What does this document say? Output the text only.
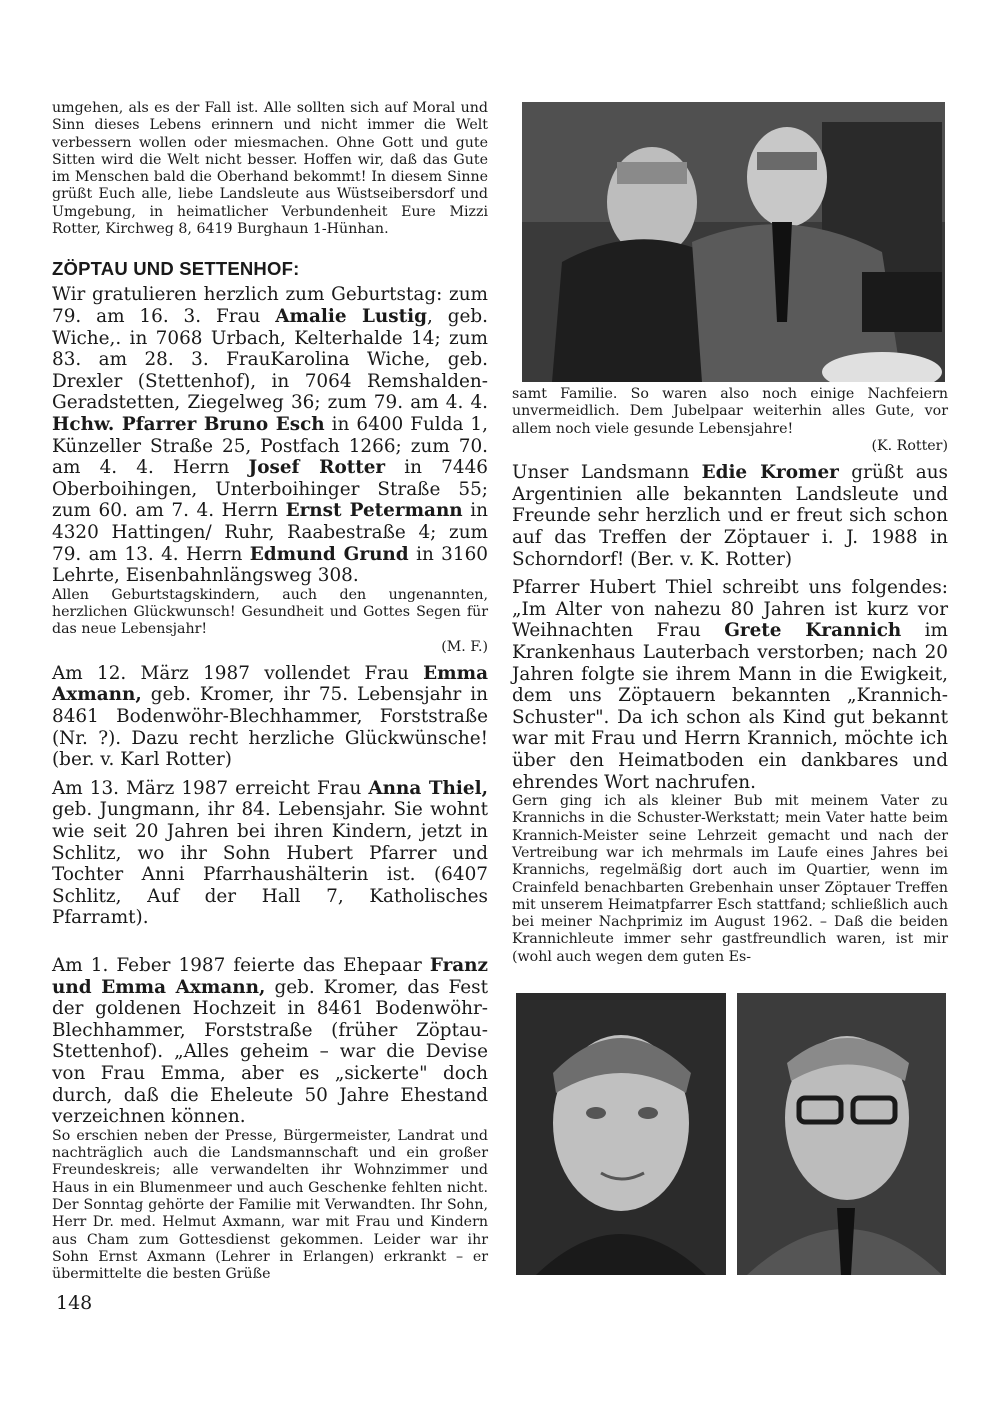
umgehen, als es der Fall ist. Alle sollten sich auf Moral und Sinn dieses Lebens erinnern und nicht immer die Welt verbessern wollen oder miesmachen. Ohne Gott und gute Sitten wird die Welt nicht besser. Hoffen wir, daß das Gute im Menschen bald die Oberhand bekommt! In diesem Sinne grüßt Euch alle, liebe Landsleute aus Wüstseibersdorf und Umgebung, in heimatlicher Verbundenheit Eure Mizzi Rotter, Kirchweg 8, 6419 Burghaun 1-Hünhan.

ZÖPTAU UND SETTENHOF:

Wir gratulieren herzlich zum Geburtstag: zum 79. am 16. 3. Frau Amalie Lustig, geb. Wiche,. in 7068 Urbach, Kelterhalde 14; zum 83. am 28. 3. FrauKarolina Wiche, geb. Drexler (Stettenhof), in 7064 Remshalden-Geradstetten, Ziegelweg 36; zum 79. am 4. 4. Hchw. Pfarrer Bruno Esch in 6400 Fulda 1, Künzeller Straße 25, Postfach 1266; zum 70. am 4. 4. Herrn Josef Rotter in 7446 Oberboihingen, Unterboihinger Straße 55; zum 60. am 7. 4. Herrn Ernst Petermann in 4320 Hattingen/ Ruhr, Raabestraße 4; zum 79. am 13. 4. Herrn Edmund Grund in 3160 Lehrte, Eisenbahnlängsweg 308.

Allen Geburtstagskindern, auch den ungenannten, herzlichen Glückwunsch! Gesundheit und Gottes Segen für das neue Lebensjahr!

(M. F.)

Am 12. März 1987 vollendet Frau Emma Axmann, geb. Kromer, ihr 75. Lebensjahr in 8461 Bodenwöhr-Blechhammer, Forststraße (Nr. ?). Dazu recht herzliche Glückwünsche! (ber. v. Karl Rotter)

Am 13. März 1987 erreicht Frau Anna Thiel, geb. Jungmann, ihr 84. Lebensjahr. Sie wohnt wie seit 20 Jahren bei ihren Kindern, jetzt in Schlitz, wo ihr Sohn Hubert Pfarrer und Tochter Anni Pfarrhaushälterin ist. (6407 Schlitz, Auf der Hall 7, Katholisches Pfarramt).

Am 1. Feber 1987 feierte das Ehepaar Franz und Emma Axmann, geb. Kromer, das Fest der goldenen Hochzeit in 8461 Bodenwöhr-Blechhammer, Forststraße (früher Zöptau-Stettenhof). „Alles geheim – war die Devise von Frau Emma, aber es „sickerte" doch durch, daß die Eheleute 50 Jahre Ehestand verzeichnen können.

So erschien neben der Presse, Bürgermeister, Landrat und nachträglich auch die Landsmannschaft und ein großer Freundeskreis; alle verwandelten ihr Wohnzimmer und Haus in ein Blumenmeer und auch Geschenke fehlten nicht. Der Sonntag gehörte der Familie mit Verwandten. Ihr Sohn, Herr Dr. med. Helmut Axmann, war mit Frau und Kindern aus Cham zum Gottesdienst gekommen. Leider war ihr Sohn Ernst Axmann (Lehrer in Erlangen) erkrankt – er übermittelte die besten Grüße

samt Familie. So waren also noch einige Nachfeiern unvermeidlich. Dem Jubelpaar weiterhin alles Gute, vor allem noch viele gesunde Lebensjahre!

(K. Rotter)

Unser Landsmann Edie Kromer grüßt aus Argentinien alle bekannten Landsleute und Freunde sehr herzlich und er freut sich schon auf das Treffen der Zöptauer i. J. 1988 in Schorndorf! (Ber. v. K. Rotter)

Pfarrer Hubert Thiel schreibt uns folgendes: „Im Alter von nahezu 80 Jahren ist kurz vor Weihnachten Frau Grete Krannich im Krankenhaus Lauterbach verstorben; nach 20 Jahren folgte sie ihrem Mann in die Ewigkeit, dem uns Zöptauern bekannten „Krannich-Schuster". Da ich schon als Kind gut bekannt war mit Frau und Herrn Krannich, möchte ich über den Heimatboden ein dankbares und ehrendes Wort nachrufen.

Gern ging ich als kleiner Bub mit meinem Vater zu Krannichs in die Schuster-Werkstatt; mein Vater hatte beim Krannich-Meister seine Lehrzeit gemacht und nach der Vertreibung war ich mehrmals im Laufe eines Jahres bei Krannichs, regelmäßig dort auch im Quartier, wenn im Crainfeld benachbarten Grebenhain unser Zöptauer Treffen mit unserem Heimatpfarrer Esch stattfand; schließlich auch bei meiner Nachprimiz im August 1962. – Daß die beiden Krannichleute immer sehr gastfreundlich waren, ist mir (wohl auch wegen dem guten Es-

148
